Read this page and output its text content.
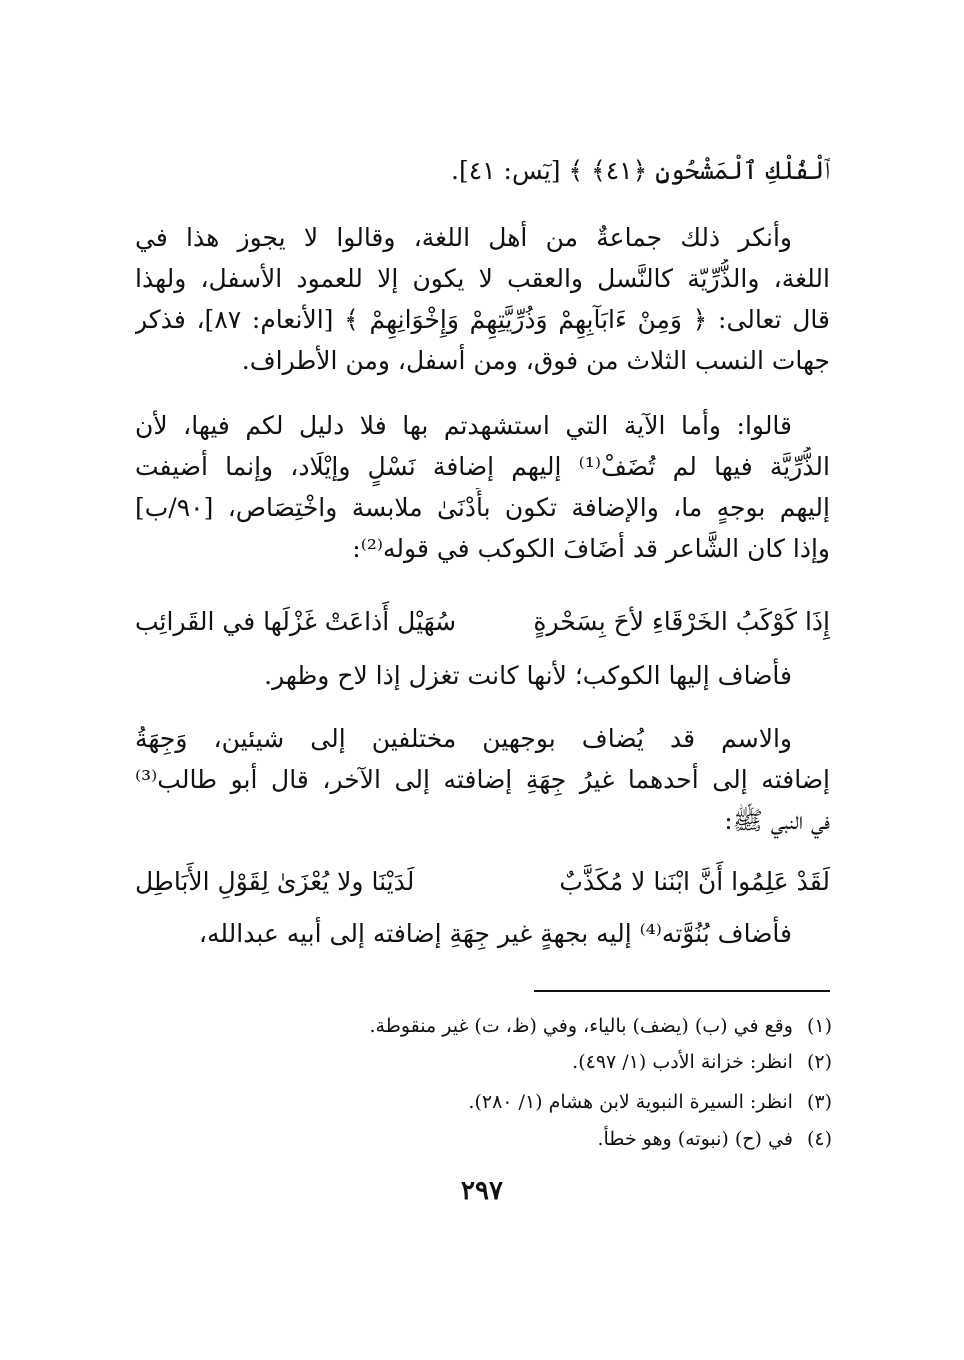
ﭐلْفُلْكِ ٱلْمَشْحُونِ ﴿٤١﴾ ﴾ [يٓس: ٤١].
وأنكر ذلك جماعةٌ من أهل اللغة، وقالوا لا يجوز هذا في
اللغة، والذُّرِّيّة كالنَّسل والعقب لا يكون إلا للعمود الأسفل، ولهذا
قال تعالى: ﴿ وَمِنْ ءَابَآبِهِمْ وَذُرِّيَّتِهِمْ وَإِخْوَانِهِمْ ﴾ [الأنعام: ٨٧]، فذكر
جهات النسب الثلاث من فوق، ومن أسفل، ومن الأطراف.
قالوا: وأما الآية التي استشهدتم بها فلا دليل لكم فيها، لأن
الذُّرِّيَّة فيها لم تُضَفْ⁽¹⁾ إليهم إضافة نَسْلٍ وإيْلَاد، وإنما أضيفت
إليهم بوجهٍ ما، والإضافة تكون بأَدْنَىٰ ملابسة واخْتِصَاص، [٩٠/ب]
وإذا كان الشَّاعر قد أضَافَ الكوكب في قوله⁽²⁾:
إِذَا كَوْكَبُ الخَرْقَاءِ لأحَ بِسَحْرةٍ
سُهَيْل أَذاعَتْ غَزْلَها في القَرائِب
فأضاف إليها الكوكب؛ لأنها كانت تغزل إذا لاح وظهر.
والاسم قد يُضاف بوجهين مختلفين إلى شيئين، وَجِهَةُ
إضافته إلى أحدهما غيرُ جِهَةِ إضافته إلى الآخر، قال أبو طالب⁽³⁾
في النبي ﷺ:
لَقَدْ عَلِمُوا أَنَّ ابْنَنا لا مُكَذَّبٌ
لَدَيْنَا ولا يُعْزَىٰ لِقَوْلِ الأَبَاطِل
فأضاف بُنُوَّته⁽⁴⁾ إليه بجهةٍ غير جِهَةِ إضافته إلى أبيه عبدالله،
(١)وقع في (ب) (يضف) بالياء، وفي (ظ، ت) غير منقوطة.
(٢)انظر: خزانة الأدب (١/ ٤٩٧).
(٣)انظر: السيرة النبوية لابن هشام (١/ ٢٨٠).
(٤)في (ح) (نبوته) وهو خطأ.
٢٩٧
